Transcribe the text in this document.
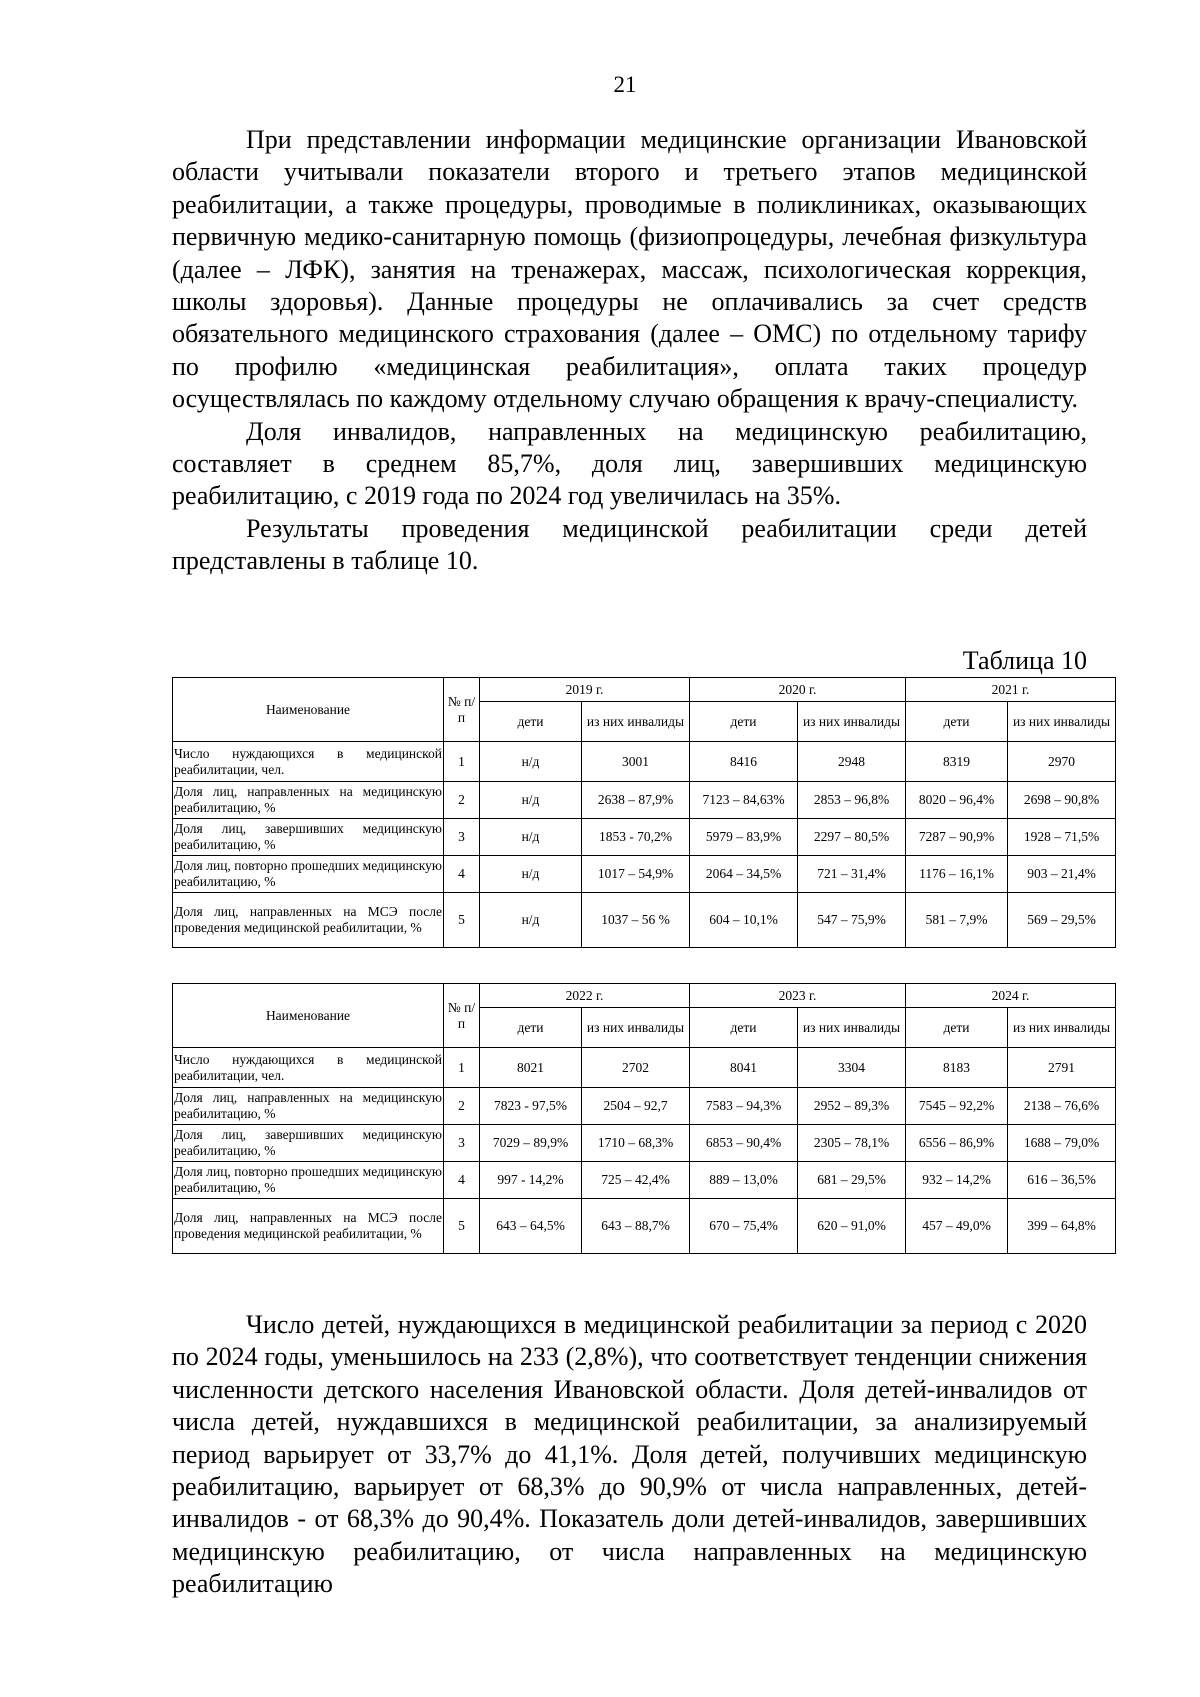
21

При представлении информации медицинские организации Ивановской области учитывали показатели второго и третьего этапов медицинской реабилитации, а также процедуры, проводимые в поликлиниках, оказывающих первичную медико-санитарную помощь (физиопроцедуры, лечебная физкультура (далее – ЛФК), занятия на тренажерах, массаж, психологическая коррекция, школы здоровья). Данные процедуры не оплачивались за счет средств обязательного медицинского страхования (далее – ОМС) по отдельному тарифу по профилю «медицинская реабилитация», оплата таких процедур осуществлялась по каждому отдельному случаю обращения к врачу-специалисту.

Доля инвалидов, направленных на медицинскую реабилитацию, составляет в среднем 85,7%, доля лиц, завершивших медицинскую реабилитацию, с 2019 года по 2024 год увеличилась на 35%.

Результаты проведения медицинской реабилитации среди детей представлены в таблице 10.

Таблица 10
Наименование	№ п/п	2019 г.		2020 г.		2021 г.	
		дети	из них инвалиды	дети	из них инвалиды	дети	из них инвалиды
Число нуждающихся в медицинской реабилитации, чел.	1	н/д	3001	8416	2948	8319	2970
Доля лиц, направленных на медицинскую реабилитацию, %	2	н/д	2638 – 87,9%	7123 – 84,63%	2853 – 96,8%	8020 – 96,4%	2698 – 90,8%
Доля лиц, завершивших медицинскую реабилитацию, %	3	н/д	1853 - 70,2%	5979 – 83,9%	2297 – 80,5%	7287 – 90,9%	1928 – 71,5%
Доля лиц, повторно прошедших медицинскую реабилитацию, %	4	н/д	1017 – 54,9%	2064 – 34,5%	721 – 31,4%	1176 – 16,1%	903 – 21,4%
Доля лиц, направленных на МСЭ после проведения медицинской реабилитации, %	5	н/д	1037 – 56 %	604 – 10,1%	547 – 75,9%	581 – 7,9%	569 – 29,5%
Наименование	№ п/п	2022 г.		2023 г.		2024 г.	
		дети	из них инвалиды	дети	из них инвалиды	дети	из них инвалиды
Число нуждающихся в медицинской реабилитации, чел.	1	8021	2702	8041	3304	8183	2791
Доля лиц, направленных на медицинскую реабилитацию, %	2	7823 - 97,5%	2504 – 92,7	7583 – 94,3%	2952 – 89,3%	7545 – 92,2%	2138 – 76,6%
Доля лиц, завершивших медицинскую реабилитацию, %	3	7029 – 89,9%	1710 – 68,3%	6853 – 90,4%	2305 – 78,1%	6556 – 86,9%	1688 – 79,0%
Доля лиц, повторно прошедших медицинскую реабилитацию, %	4	997 - 14,2%	725 – 42,4%	889 – 13,0%	681 – 29,5%	932 – 14,2%	616 – 36,5%
Доля лиц, направленных на МСЭ после проведения медицинской реабилитации, %	5	643 – 64,5%	643 – 88,7%	670 – 75,4%	620 – 91,0%	457 – 49,0%	399 – 64,8%

Число детей, нуждающихся в медицинской реабилитации за период с 2020 по 2024 годы, уменьшилось на 233 (2,8%), что соответствует тенденции снижения численности детского населения Ивановской области. Доля детей-инвалидов от числа детей, нуждавшихся в медицинской реабилитации, за анализируемый период варьирует от 33,7% до 41,1%. Доля детей, получивших медицинскую реабилитацию, варьирует от 68,3% до 90,9% от числа направленных, детей-инвалидов - от 68,3% до 90,4%. Показатель доли детей-инвалидов, завершивших медицинскую реабилитацию, от числа направленных на медицинскую реабилитацию
